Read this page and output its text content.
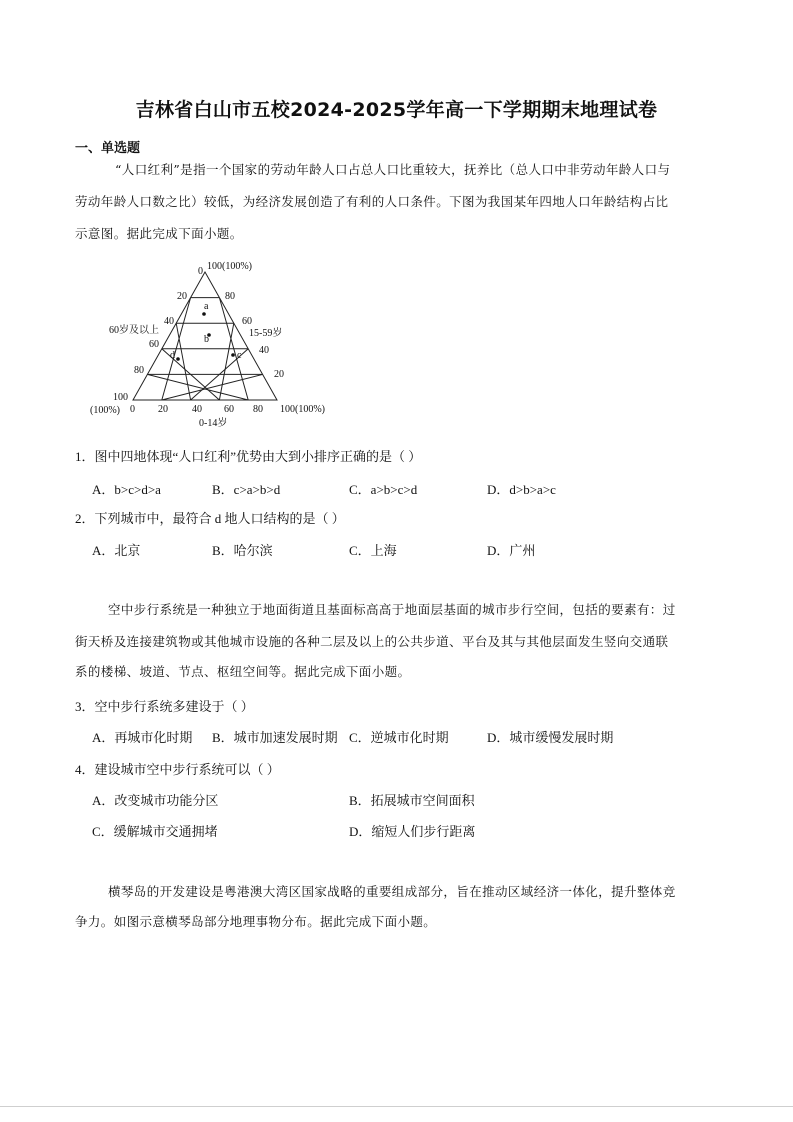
吉林省白山市五校2024-2025学年高一下学期期末地理试卷
一、单选题
“人口红利”是指一个国家的劳动年龄人口占总人口比重较大，抚养比（总人口中非劳动年龄人口与
劳动年龄人口数之比）较低，为经济发展创造了有利的人口条件。下图为我国某年四地人口年龄结构占比
示意图。据此完成下面小题。
0
20
40
60
80
100
(100%)
100(100%)
80
60
40
20
0 20 40 60 80 100(100%)
60岁及以上	15-59岁
0-14岁
a
b
c
d
1．图中四地体现“人口红利”优势由大到小排序正确的是（ ）
A．b>c>d>a	B．c>a>b>d	C．a>b>c>d	D．d>b>a>c
2．下列城市中，最符合 d 地人口结构的是（ ）
A．北京	B．哈尔滨	C．上海	D．广州
空中步行系统是一种独立于地面街道且基面标高高于地面层基面的城市步行空间，包括的要素有：过
街天桥及连接建筑物或其他城市设施的各种二层及以上的公共步道、平台及其与其他层面发生竖向交通联
系的楼梯、坡道、节点、枢纽空间等。据此完成下面小题。
3．空中步行系统多建设于（ ）
A．再城市化时期 B．城市加速发展时期 C．逆城市化时期	D．城市缓慢发展时期
4．建设城市空中步行系统可以（ ）
A．改变城市功能分区	B．拓展城市空间面积
C．缓解城市交通拥堵	D．缩短人们步行距离
横琴岛的开发建设是粤港澳大湾区国家战略的重要组成部分，旨在推动区域经济一体化，提升整体竞
争力。如图示意横琴岛部分地理事物分布。据此完成下面小题。
